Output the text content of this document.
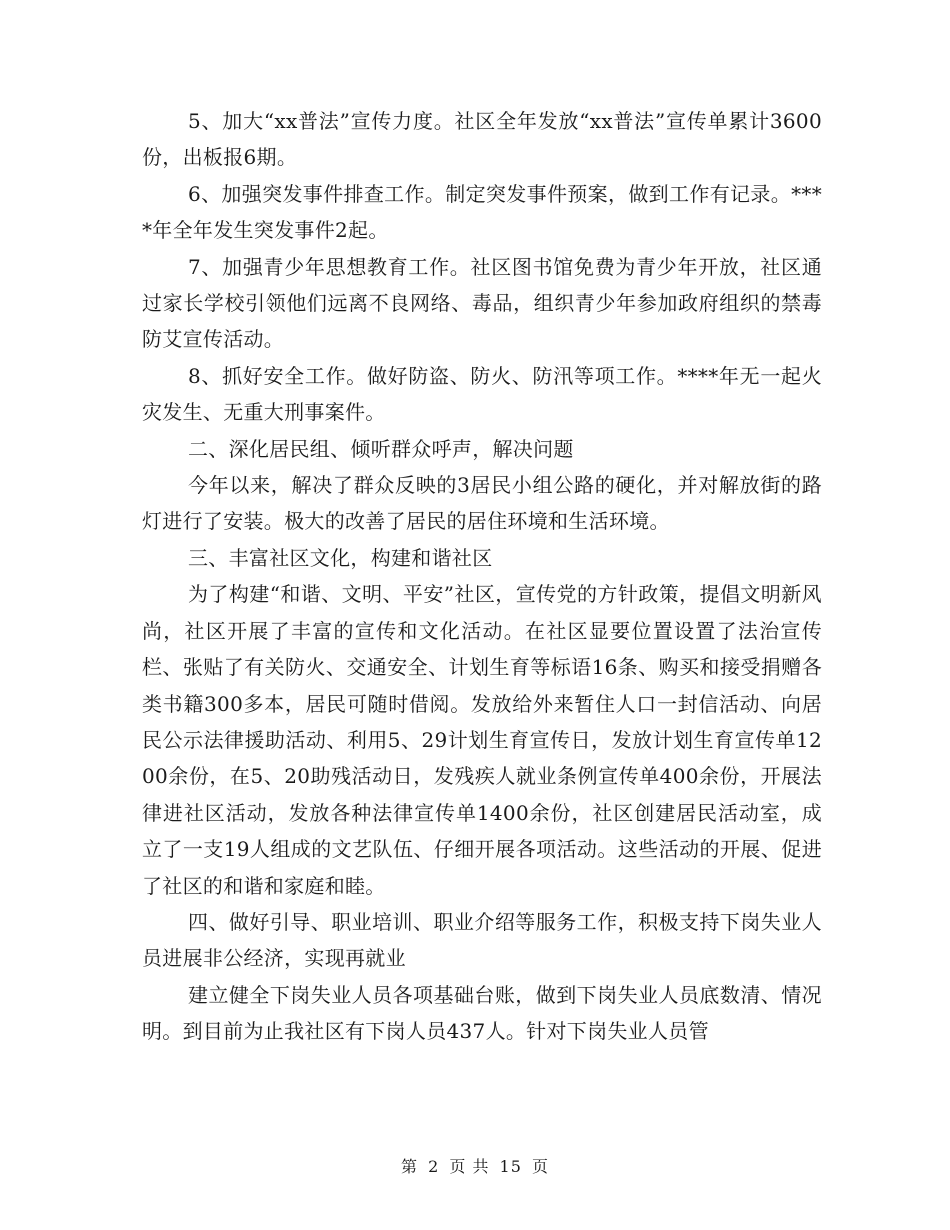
5、加大“xx普法”宣传力度。社区全年发放“xx普法”宣传单累计3600份，出板报6期。

6、加强突发事件排查工作。制定突发事件预案，做到工作有记录。****年全年发生突发事件2起。

7、加强青少年思想教育工作。社区图书馆免费为青少年开放，社区通过家长学校引领他们远离不良网络、毒品，组织青少年参加政府组织的禁毒防艾宣传活动。

8、抓好安全工作。做好防盗、防火、防汛等项工作。****年无一起火灾发生、无重大刑事案件。

二、深化居民组、倾听群众呼声，解决问题

今年以来，解决了群众反映的3居民小组公路的硬化，并对解放街的路灯进行了安装。极大的改善了居民的居住环境和生活环境。

三、丰富社区文化，构建和谐社区

为了构建“和谐、文明、平安”社区，宣传党的方针政策，提倡文明新风尚，社区开展了丰富的宣传和文化活动。在社区显要位置设置了法治宣传栏、张贴了有关防火、交通安全、计划生育等标语16条、购买和接受捐赠各类书籍300多本，居民可随时借阅。发放给外来暂住人口一封信活动、向居民公示法律援助活动、利用5、29计划生育宣传日，发放计划生育宣传单1200余份，在5、20助残活动日，发残疾人就业条例宣传单400余份，开展法律进社区活动，发放各种法律宣传单1400余份，社区创建居民活动室，成立了一支19人组成的文艺队伍、仔细开展各项活动。这些活动的开展、促进了社区的和谐和家庭和睦。

四、做好引导、职业培训、职业介绍等服务工作，积极支持下岗失业人员进展非公经济，实现再就业

建立健全下岗失业人员各项基础台账，做到下岗失业人员底数清、情况明。到目前为止我社区有下岗人员437人。针对下岗失业人员管

第 2 页 共 15 页
